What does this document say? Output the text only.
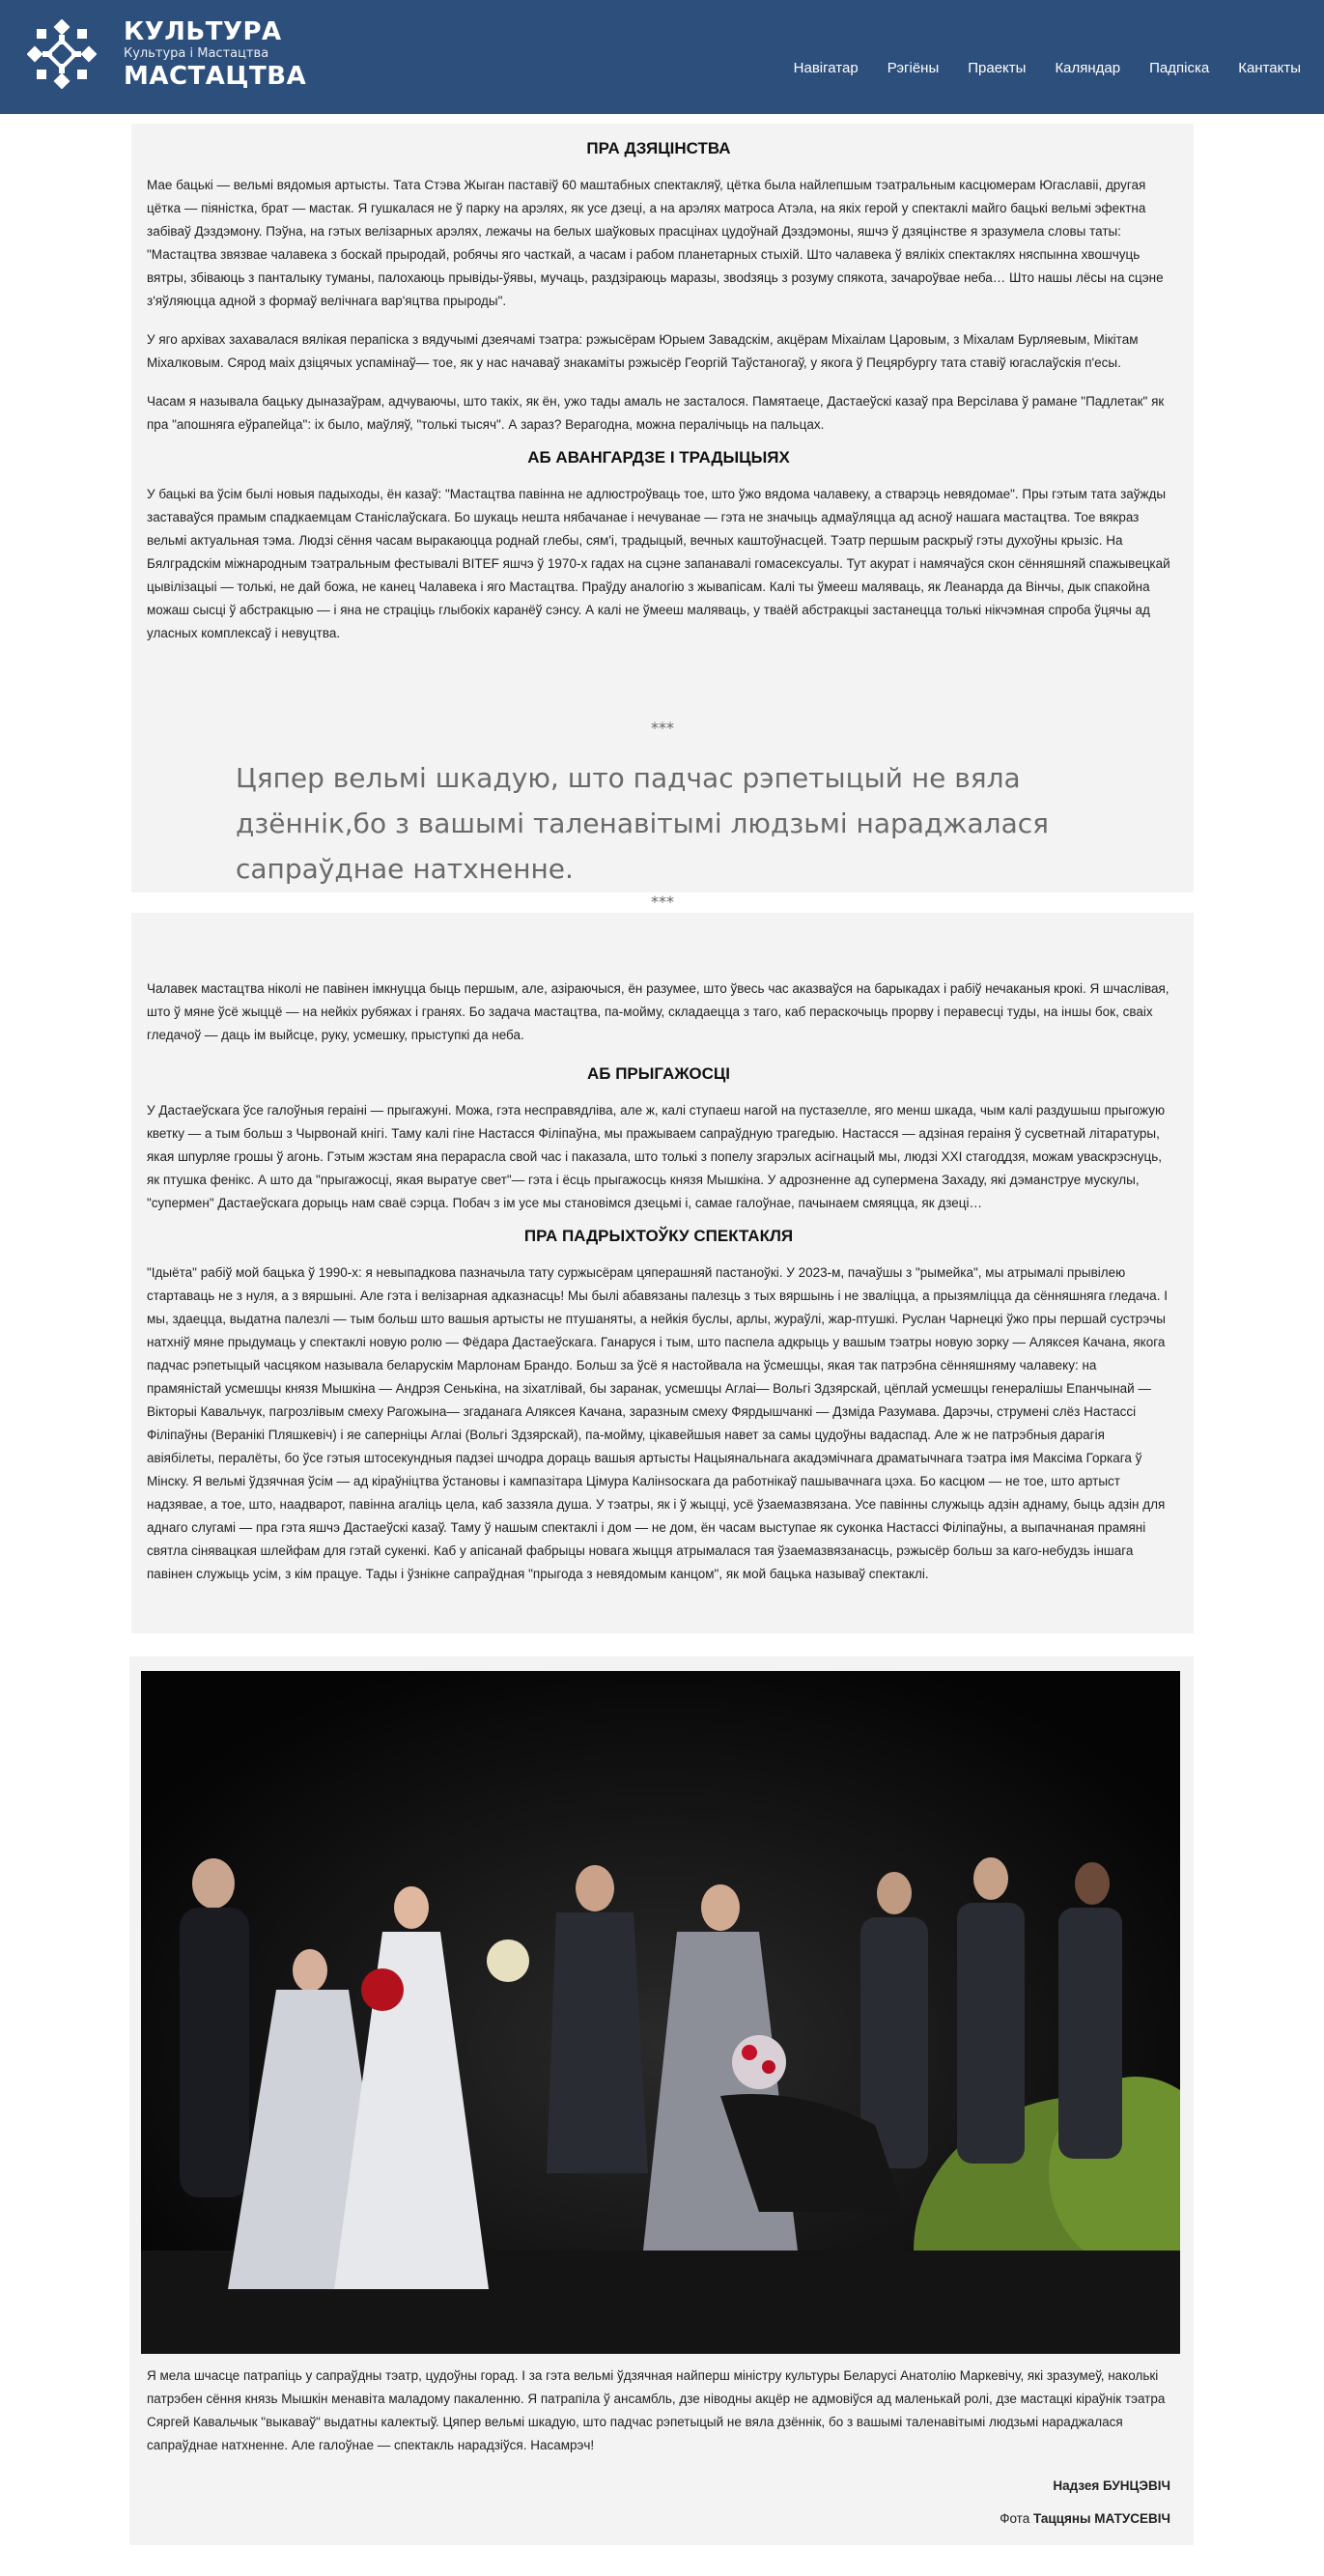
КУЛЬТУРА
Культура і Мастацтва
МАСТАЦТВА	Навігатар Рэгіёны Праекты Каляндар Падпіска Кантакты
ПРА ДЗЯЦІНСТВА

Мае бацькі — вельмі вядомыя артысты. Тата Стэва Жыган паставіў 60 маштабных спектакляў, цётка была найлепшым тэатральным касцюмерам Югаславіі, другая цётка — піяністка, брат — мастак. Я гушкалася не ў парку на арэлях, як усе дзеці, а на арэлях матроса Атэла, на якіх герой у спектаклі майго бацькі вельмі эфектна забіваў Дэздэмону. Пэўна, на гэтых велізарных арэлях, лежачы на белых шаўковых прасцінах цудоўнай Дэздэмоны, яшчэ ў дзяцінстве я зразумела словы таты: "Мастацтва звязвае чалавека з боскай прыродай, робячы яго часткай, а часам і рабом планетарных стыхій. Што чалавека ў вялікіх спектаклях няспынна хвошчуць вятры, збіваюць з панталыку туманы, палохаюць прывіды-ўявы, мучаць, раздзіраюць маразы, звodзяць з розуму спякота, зачароўвае неба… Што нашы лёсы на сцэне з'яўляюцца адной з формаў велічнага вар'яцтва прыроды".

У яго архівах захавалася вялікая перапіска з вядучымі дзеячамі тэатра: рэжысёрам Юрыем Завадскім, акцёрам Міхаілам Царовым, з Міхалам Бурляевым, Мікітам Міхалковым. Сярод маіх дзіцячых успамінаў— тое, як у нас начаваў знакаміты рэжысёр Георгій Таўстаногаў, у якога ў Пецярбургу тата ставіў югаслаўскія п'есы.

Часам я называла бацьку дыназаўрам, адчуваючы, што такіх, як ён, ужо тады амаль не засталося. Памятаеце, Дастаеўскі казаў пра Версілава ў рамане "Падлетак" як пра "апошняга еўрапейца": іх было, маўляў, "толькі тысяч". А зараз? Верагодна, можна пералічыць на пальцах.

АБ АВАНГАРДЗЕ І ТРАДЫЦЫЯХ

У бацькі ва ўсім былі новыя падыходы, ён казаў: "Мастацтва павінна не адлюстроўваць тое, што ўжо вядома чалавеку, а стварэць невядомае". Пры гэтым тата заўжды заставаўся прамым спадкаемцам Станіслаўскага. Бо шукаць нешта нябачанае і нечуванае — гэта не значыць адмаўляцца ад асноў нашага мастацтва. Тое вякраз вельмі актуальная тэма. Людзі сёння часам выракаюцца роднай глебы, сям'і, традыцый, вечных каштоўнасцей. Тэатр першым раскрыў гэты духоўны крызіс. На Бялградскім міжнародным тэатральным фестывалі BITEF яшчэ ў 1970-х гадах на сцэне запанавалі гомасексуалы. Тут акурат і намячаўся скон сённяшняй спажывецкай цывілізацыі — толькі, не дай божа, не канец Чалавека і яго Мастацтва. Праўду аналогію з жывапісам. Калі ты ўмееш маляваць, як Леанарда да Вінчы, дык спакойна можаш сысці ў абстракцыю — і яна не страціць глыбокіх каранёў сэнсу. А калі не ўмееш маляваць, у тваёй абстракцыі застанецца толькі нікчэмная спроба ўцячы ад уласных комплексаў і невуцтва.

***
Цяпер вельмі шкадую, што падчас рэпетыцый не вяла дзённік,бо з вашымі таленавітымі людзьмі нараджалася сапраўднае натхненне.
***

Чалавек мастацтва ніколі не павінен імкнуцца быць першым, але, азіраючыся, ён разумее, што ўвесь час аказваўся на барыкадах і рабіў нечаканыя крокі. Я шчаслівая, што ў мяне ўсё жыццё — на нейкіх рубяжах і гранях. Бо задача мастацтва, па-мойму, складаецца з таго, каб пераскочыць прорву і перавесці туды, на іншы бок, сваіх гледачоў — даць ім выйсце, руку, усмешку, прыступкі да неба.

АБ ПРЫГАЖОСЦІ

У Дастаеўскага ўсе галоўныя гераіні — прыгажуні. Можа, гэта несправядліва, але ж, калі ступаеш нагой на пустазелле, яго менш шкада, чым калі раздушыш прыгожую кветку — а тым больш з Чырвонай кнігі. Таму калі гіне Настасся Філіпаўна, мы пражываем сапраўдную трагедыю. Настасся — адзіная гераіня ў сусветнай літаратуры, якая шпурляе грошы ў агонь. Гэтым жэстам яна перарасла свой час і паказала, што толькі з попелу згарэлых асігнацый мы, людзі XXI стагоддзя, можам уваскрэснуць, як птушка фенікс. А што да "прыгажосці, якая выратуе свет"— гэта і ёсць прыгажосць князя Мышкіна. У адрозненне ад супермена Захаду, які дэманструе мускулы, "супермен" Дастаеўскага дорыць нам сваё сэрца. Побач з ім усе мы становімся дзецьмі і, самае галоўнае, пачынаем смяяцца, як дзеці…

ПРА ПАДРЫХТОЎКУ СПЕКТАКЛЯ

"Ідыёта" рабіў мой бацька ў 1990-х: я невыпадкова пазначыла тату суржысёрам цяперашняй пастаноўкі. У 2023-м, пачаўшы з "рымейка", мы атрымалі прывілею стартаваць не з нуля, а з вяршыні. Але гэта і велізарная адказнасць! Мы былі абавязаны палезць з тых вяршынь і не зваліцца, а прызямліцца да сённяшняга гледача. І мы, здаецца, выдатна палезлі — тым больш што вашыя артысты не птушаняты, а нейкія буслы, арлы, жураўлі, жар-птушкі. Руслан Чарнецкі ўжо пры першай сустрэчы натхніў мяне прыдумаць у спектаклі новую ролю — Фёдара Дастаеўскага. Ганаруся і тым, што паспела адкрыць у вашым тэатры новую зорку — Аляксея Качана, якога падчас рэпетыцый часцяком называла беларускім Марлонам Брандо. Больш за ўсё я настойвала на ўсмешцы, якая так патрэбна сённяшняму чалавеку: на прамяністай усмешцы князя Мышкіна — Андрэя Сенькіна, на зіхатлівай, бы заранак, усмешцы Аглаі— Вольгі Здзярскай, цёплай усмешцы генералішы Епанчынай — Вікторыі Кавальчук, пагрозлівым смеху Рагожына— згаданага Аляксея Качана, заразным смеху Фярдышчанкі — Дзміда Разумава. Дарэчы, струмені слёз Настассі Філіпаўны (Веранікі Пляшкевіч) і яе саперніцы Аглаі (Вольгі Здзярскай), па-мойму, цікавейшыя навет за самы цудоўны вадаспад. Але ж не патрэбныя дарагія авіябілеты, пералёты, бо ўсе гэтыя штосекундныя падзеі шчодра дораць вашыя артысты Нацыянальнага акадэмічнага драматычнага тэатра імя Максіма Горкага ў Мінску. Я вельмі ўдзячная ўсім — ад кіраўніцтва ўстановы і кампазітара Цімура Калінsocкага да работнікаў пашывачнага цэха. Бо касцюм — не тое, што артыст надзявае, а тое, што, наадварот, павінна агаліць цела, каб заззяла душа. У тэатры, як і ў жыцці, усё ўзаемазвязана. Усе павінны служыць адзін аднаму, быць адзін для аднаго слугамі — пра гэта яшчэ Дастаеўскі казаў. Таму ў нашым спектаклі і дом — не дом, ён часам выступае як суконка Настассі Філіпаўны, а выпачнаная прамяні святла сінявацкая шлейфам для гэтай сукенкі. Каб у апісанай фабрыцы новага жыцця атрымалася тая ўзаемазвязанасць, рэжысёр больш за каго-небудзь іншага павінен служыць усім, з кім працуе. Тады і ўзнікне сапраўдная "прыгода з невядомым канцом", як мой бацька называў спектаклі.

Я мела шчасце патрапіць у сапраўдны тэатр, цудоўны горад. І за гэта вельмі ўдзячная найперш міністру культуры Беларусі Анатолію Маркевічу, які зразумеў, наколькі патрэбен сёння князь Мышкін менавіта маладому пакаленню. Я патрапіла ў ансамбль, дзе ніводны акцёр не адмовіўся ад маленькай ролі, дзе мастацкі кіраўнік тэатра Сяргей Кавальчык "выкаваў" выдатны калектыў. Цяпер вельмі шкадую, што падчас рэпетыцый не вяла дзённік, бо з вашымі таленавітымі людзьмі нараджалася сапраўднае натхненне. Але галоўнае — спектакль нарадзіўся. Насамрэч!

Надзея БУНЦЭВІЧ

Фота Таццяны МАТУСЕВІЧ
